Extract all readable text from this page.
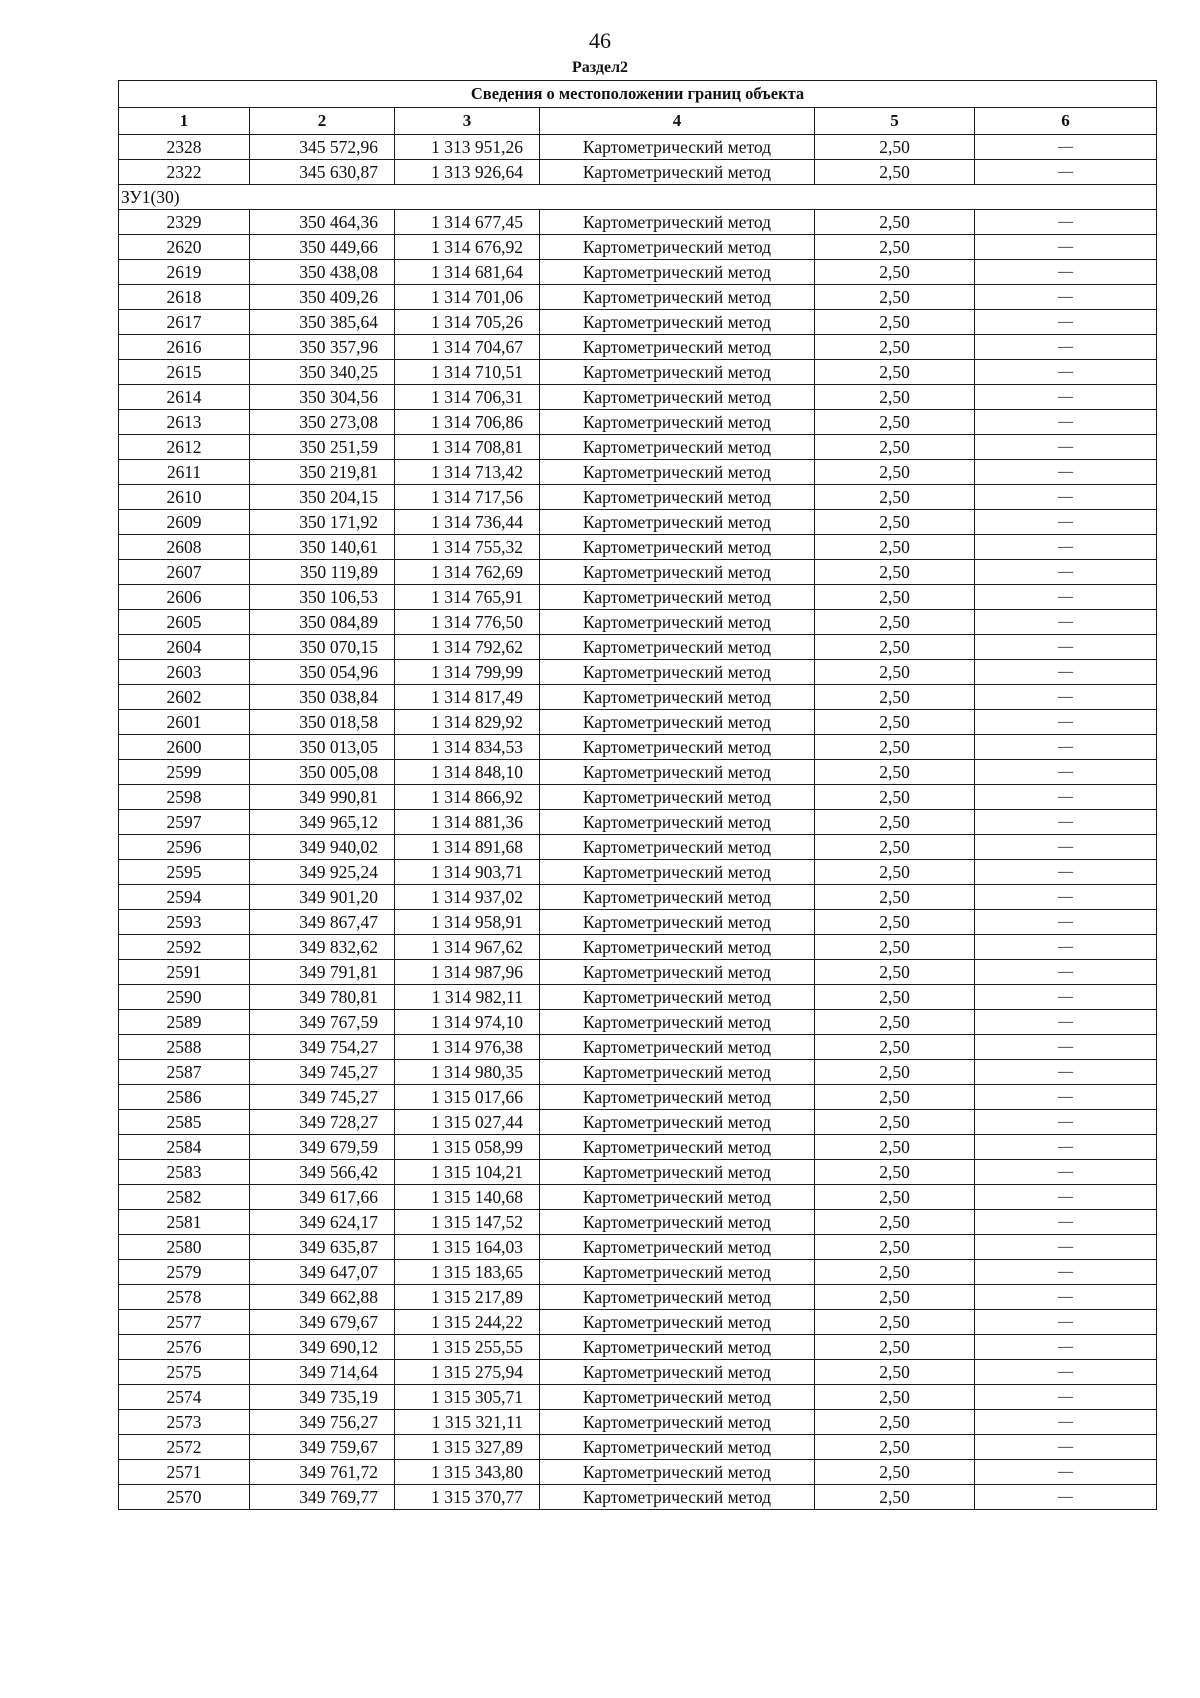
46
Раздел2
Сведения о местоположении границ объекта					
1	2	3	4	5	6
2328	345 572,96	1 313 951,26	Картометрический метод	2,50	—
2322	345 630,87	1 313 926,64	Картометрический метод	2,50	—
ЗУ1(30)					
2329	350 464,36	1 314 677,45	Картометрический метод	2,50	—
2620	350 449,66	1 314 676,92	Картометрический метод	2,50	—
2619	350 438,08	1 314 681,64	Картометрический метод	2,50	—
2618	350 409,26	1 314 701,06	Картометрический метод	2,50	—
2617	350 385,64	1 314 705,26	Картометрический метод	2,50	—
2616	350 357,96	1 314 704,67	Картометрический метод	2,50	—
2615	350 340,25	1 314 710,51	Картометрический метод	2,50	—
2614	350 304,56	1 314 706,31	Картометрический метод	2,50	—
2613	350 273,08	1 314 706,86	Картометрический метод	2,50	—
2612	350 251,59	1 314 708,81	Картометрический метод	2,50	—
2611	350 219,81	1 314 713,42	Картометрический метод	2,50	—
2610	350 204,15	1 314 717,56	Картометрический метод	2,50	—
2609	350 171,92	1 314 736,44	Картометрический метод	2,50	—
2608	350 140,61	1 314 755,32	Картометрический метод	2,50	—
2607	350 119,89	1 314 762,69	Картометрический метод	2,50	—
2606	350 106,53	1 314 765,91	Картометрический метод	2,50	—
2605	350 084,89	1 314 776,50	Картометрический метод	2,50	—
2604	350 070,15	1 314 792,62	Картометрический метод	2,50	—
2603	350 054,96	1 314 799,99	Картометрический метод	2,50	—
2602	350 038,84	1 314 817,49	Картометрический метод	2,50	—
2601	350 018,58	1 314 829,92	Картометрический метод	2,50	—
2600	350 013,05	1 314 834,53	Картометрический метод	2,50	—
2599	350 005,08	1 314 848,10	Картометрический метод	2,50	—
2598	349 990,81	1 314 866,92	Картометрический метод	2,50	—
2597	349 965,12	1 314 881,36	Картометрический метод	2,50	—
2596	349 940,02	1 314 891,68	Картометрический метод	2,50	—
2595	349 925,24	1 314 903,71	Картометрический метод	2,50	—
2594	349 901,20	1 314 937,02	Картометрический метод	2,50	—
2593	349 867,47	1 314 958,91	Картометрический метод	2,50	—
2592	349 832,62	1 314 967,62	Картометрический метод	2,50	—
2591	349 791,81	1 314 987,96	Картометрический метод	2,50	—
2590	349 780,81	1 314 982,11	Картометрический метод	2,50	—
2589	349 767,59	1 314 974,10	Картометрический метод	2,50	—
2588	349 754,27	1 314 976,38	Картометрический метод	2,50	—
2587	349 745,27	1 314 980,35	Картометрический метод	2,50	—
2586	349 745,27	1 315 017,66	Картометрический метод	2,50	—
2585	349 728,27	1 315 027,44	Картометрический метод	2,50	—
2584	349 679,59	1 315 058,99	Картометрический метод	2,50	—
2583	349 566,42	1 315 104,21	Картометрический метод	2,50	—
2582	349 617,66	1 315 140,68	Картометрический метод	2,50	—
2581	349 624,17	1 315 147,52	Картометрический метод	2,50	—
2580	349 635,87	1 315 164,03	Картометрический метод	2,50	—
2579	349 647,07	1 315 183,65	Картометрический метод	2,50	—
2578	349 662,88	1 315 217,89	Картометрический метод	2,50	—
2577	349 679,67	1 315 244,22	Картометрический метод	2,50	—
2576	349 690,12	1 315 255,55	Картометрический метод	2,50	—
2575	349 714,64	1 315 275,94	Картометрический метод	2,50	—
2574	349 735,19	1 315 305,71	Картометрический метод	2,50	—
2573	349 756,27	1 315 321,11	Картометрический метод	2,50	—
2572	349 759,67	1 315 327,89	Картометрический метод	2,50	—
2571	349 761,72	1 315 343,80	Картометрический метод	2,50	—
2570	349 769,77	1 315 370,77	Картометрический метод	2,50	—
